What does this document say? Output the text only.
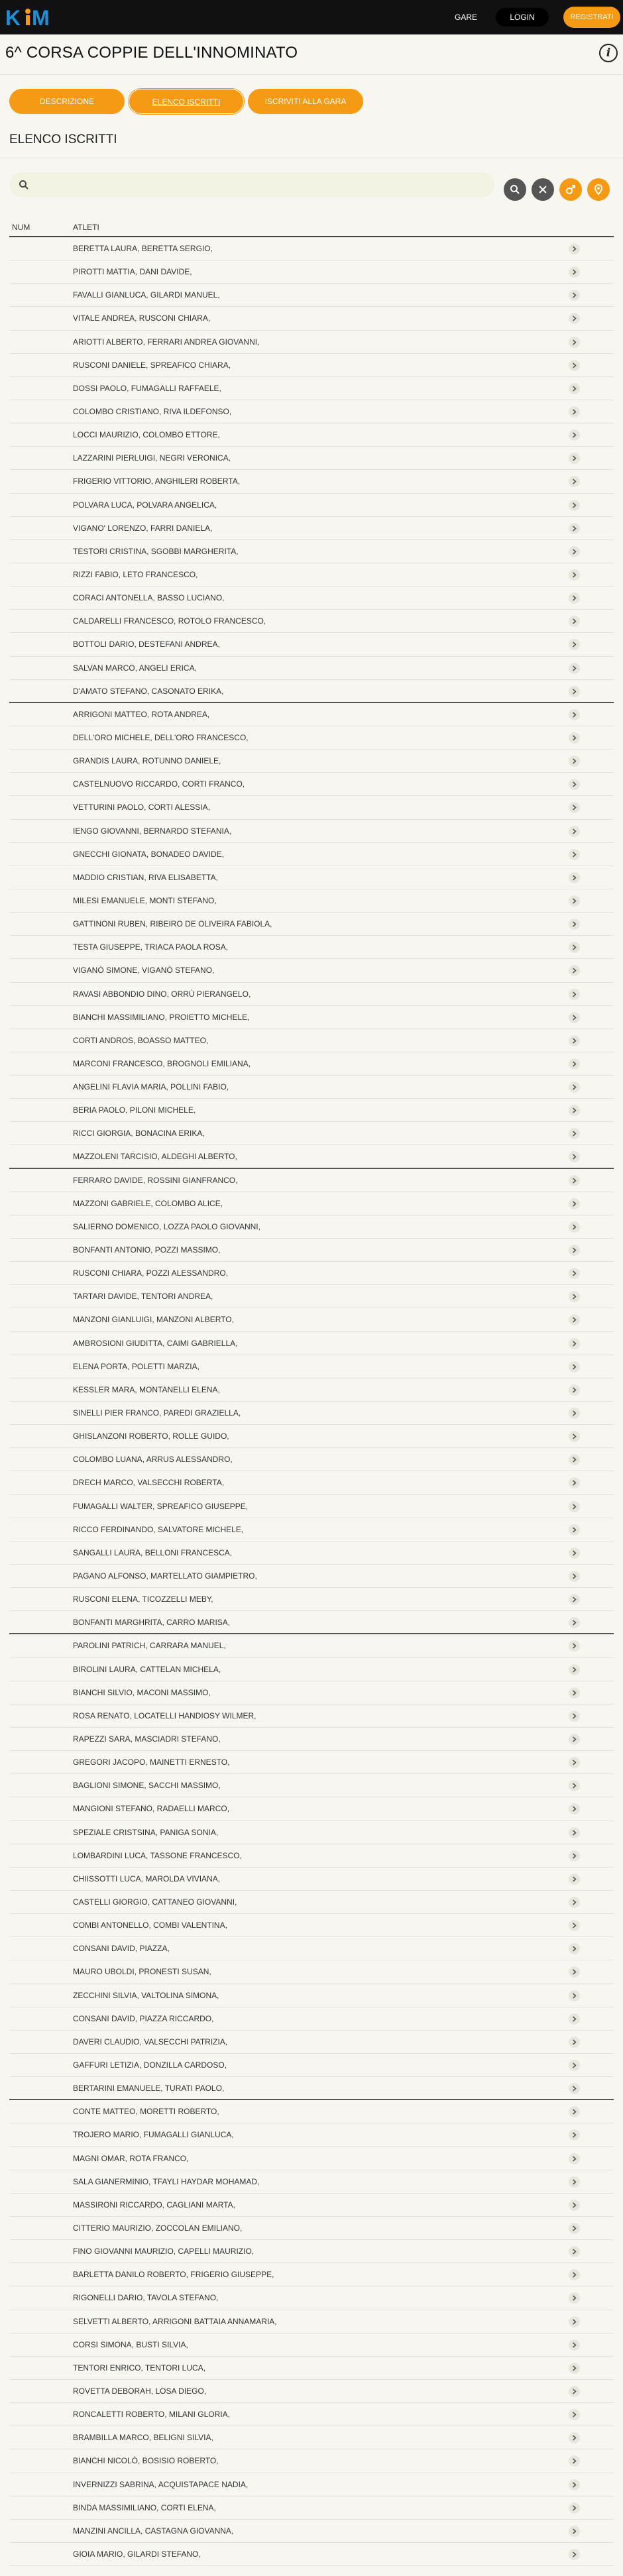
K M	GARE	LOGIN	REGISTRATI
6^ CORSA COPPIE DELL'INNOMINATO	i
DESCRIZIONE	ELENCO ISCRITTI	ISCRIVITI ALLA GARA
ELENCO ISCRITTI
NUM	ATLETI
BERETTA LAURA, BERETTA SERGIO,
PIROTTI MATTIA, DANI DAVIDE,
FAVALLI GIANLUCA, GILARDI MANUEL,
VITALE ANDREA, RUSCONI CHIARA,
ARIOTTI ALBERTO, FERRARI ANDREA GIOVANNI,
RUSCONI DANIELE, SPREAFICO CHIARA,
DOSSI PAOLO, FUMAGALLI RAFFAELE,
COLOMBO CRISTIANO, RIVA ILDEFONSO,
LOCCI MAURIZIO, COLOMBO ETTORE,
LAZZARINI PIERLUIGI, NEGRI VERONICA,
FRIGERIO VITTORIO, ANGHILERI ROBERTA,
POLVARA LUCA, POLVARA ANGELICA,
VIGANO' LORENZO, FARRI DANIELA,
TESTORI CRISTINA, SGOBBI MARGHERITA,
RIZZI FABIO, LETO FRANCESCO,
CORACI ANTONELLA, BASSO LUCIANO,
CALDARELLI FRANCESCO, ROTOLO FRANCESCO,
BOTTOLI DARIO, DESTEFANI ANDREA,
SALVAN MARCO, ANGELI ERICA,
D'AMATO STEFANO, CASONATO ERIKA,
ARRIGONI MATTEO, ROTA ANDREA,
DELL'ORO MICHELE, DELL'ORO FRANCESCO,
GRANDIS LAURA, ROTUNNO DANIELE,
CASTELNUOVO RICCARDO, CORTI FRANCO,
VETTURINI PAOLO, CORTI ALESSIA,
IENGO GIOVANNI, BERNARDO STEFANIA,
GNECCHI GIONATA, BONADEO DAVIDE,
MADDIO CRISTIAN, RIVA ELISABETTA,
MILESI EMANUELE, MONTI STEFANO,
GATTINONI RUBEN, RIBEIRO DE OLIVEIRA FABIOLA,
TESTA GIUSEPPE, TRIACA PAOLA ROSA,
VIGANÒ SIMONE, VIGANÒ STEFANO,
RAVASI ABBONDIO DINO, ORRÙ PIERANGELO,
BIANCHI MASSIMILIANO, PROIETTO MICHELE,
CORTI ANDROS, BOASSO MATTEO,
MARCONI FRANCESCO, BROGNOLI EMILIANA,
ANGELINI FLAVIA MARIA, POLLINI FABIO,
BERIA PAOLO, PILONI MICHELE,
RICCI GIORGIA, BONACINA ERIKA,
MAZZOLENI TARCISIO, ALDEGHI ALBERTO,
FERRARO DAVIDE, ROSSINI GIANFRANCO,
MAZZONI GABRIELE, COLOMBO ALICE,
SALIERNO DOMENICO, LOZZA PAOLO GIOVANNI,
BONFANTI ANTONIO, POZZI MASSIMO,
RUSCONI CHIARA, POZZI ALESSANDRO,
TARTARI DAVIDE, TENTORI ANDREA,
MANZONI GIANLUIGI, MANZONI ALBERTO,
AMBROSIONI GIUDITTA, CAIMI GABRIELLA,
ELENA PORTA, POLETTI MARZIA,
KESSLER MARA, MONTANELLI ELENA,
SINELLI PIER FRANCO, PAREDI GRAZIELLA,
GHISLANZONI ROBERTO, ROLLE GUIDO,
COLOMBO LUANA, ARRUS ALESSANDRO,
DRECH MARCO, VALSECCHI ROBERTA,
FUMAGALLI WALTER, SPREAFICO GIUSEPPE,
RICCO FERDINANDO, SALVATORE MICHELE,
SANGALLI LAURA, BELLONI FRANCESCA,
PAGANO ALFONSO, MARTELLATO GIAMPIETRO,
RUSCONI ELENA, TICOZZELLI MEBY,
BONFANTI MARGHRITA, CARRO MARISA,
PAROLINI PATRICH, CARRARA MANUEL,
BIROLINI LAURA, CATTELAN MICHELA,
BIANCHI SILVIO, MACONI MASSIMO,
ROSA RENATO, LOCATELLI HANDIOSY WILMER,
RAPEZZI SARA, MASCIADRI STEFANO,
GREGORI JACOPO, MAINETTI ERNESTO,
BAGLIONI SIMONE, SACCHI MASSIMO,
MANGIONI STEFANO, RADAELLI MARCO,
SPEZIALE CRISTSINA, PANIGA SONIA,
LOMBARDINI LUCA, TASSONE FRANCESCO,
CHIISSOTTI LUCA, MAROLDA VIVIANA,
CASTELLI GIORGIO, CATTANEO GIOVANNI,
COMBI ANTONELLO, COMBI VALENTINA,
CONSANI DAVID, PIAZZA,
MAURO UBOLDI, PRONESTI SUSAN,
ZECCHINI SILVIA, VALTOLINA SIMONA,
CONSANI DAVID, PIAZZA RICCARDO,
DAVERI CLAUDIO, VALSECCHI PATRIZIA,
GAFFURI LETIZIA, DONZILLA CARDOSO,
BERTARINI EMANUELE, TURATI PAOLO,
CONTE MATTEO, MORETTI ROBERTO,
TROJERO MARIO, FUMAGALLI GIANLUCA,
MAGNI OMAR, ROTA FRANCO,
SALA GIANERMINIO, TFAYLI HAYDAR MOHAMAD,
MASSIRONI RICCARDO, CAGLIANI MARTA,
CITTERIO MAURIZIO, ZOCCOLAN EMILIANO,
FINO GIOVANNI MAURIZIO, CAPELLI MAURIZIO,
BARLETTA DANILO ROBERTO, FRIGERIO GIUSEPPE,
RIGONELLI DARIO, TAVOLA STEFANO,
SELVETTI ALBERTO, ARRIGONI BATTAIA ANNAMARIA,
CORSI SIMONA, BUSTI SILVIA,
TENTORI ENRICO, TENTORI LUCA,
ROVETTA DEBORAH, LOSA DIEGO,
RONCALETTI ROBERTO, MILANI GLORIA,
BRAMBILLA MARCO, BELIGNI SILVIA,
BIANCHI NICOLÒ, BOSISIO ROBERTO,
INVERNIZZI SABRINA, ACQUISTAPACE NADIA,
BINDA MASSIMILIANO, CORTI ELENA,
MANZINI ANCILLA, CASTAGNA GIOVANNA,
GIOIA MARIO, GILARDI STEFANO,
